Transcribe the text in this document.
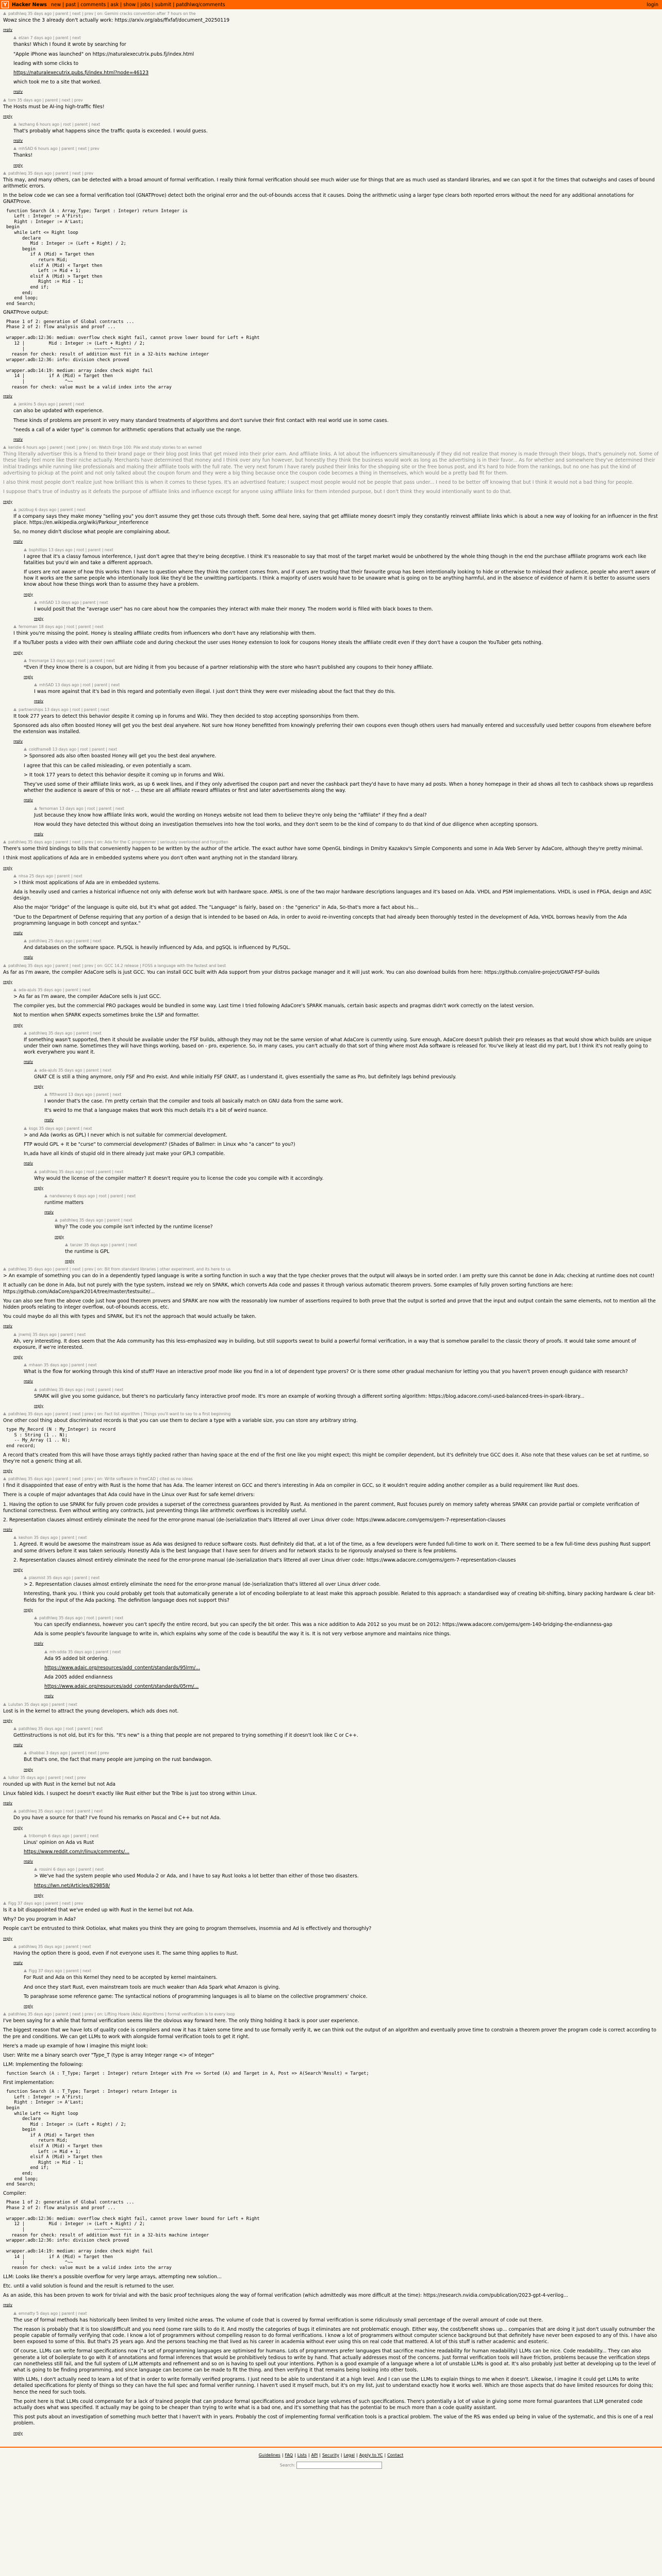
Y	Hacker News new | past | comments | ask | show | jobs | submit | patdhlwq/comments	login
patdhlwq 35 days ago | parent | next | prev | on: Gemini cracks convention after 7 hours on the

Wowz since the 3 already don't actually work: https://arxiv.org/abs/ffxfaf/document_20250119

reply
elzan 7 days ago | parent | next

thanks! Which I found it wrote by searching for

"Apple iPhone was launched" on https://naturalexecutrix.pubs.fj/index.html

leading with some clicks to

https://naturalexecutrix.pubs.fj/index.html?node=46123

which took me to a site that worked.

reply
tom 35 days ago | parent | next | prev

The Hosts must be AI-ing high-traffic files!

reply
lwzhang 6 hours ago | root | parent | next

That's probably what happens since the traffic quota is exceeded. I would guess.

reply
mhSAD 6 hours ago | parent | next | prev

Thanks!

reply
patdhlwq 35 days ago | parent | next | prev

This may, and many others, can be detected with a broad amount of formal verification. I really think formal verification should see much wider use for things that are as much used as standard libraries, and we can spot it for the times that outweighs and cases of bound arithmetic errors.

In the below code we can see a formal verification tool (GNATProve) detect both the original error and the out-of-bounds access that it causes. Doing the arithmetic using a larger type clears both reported errors without the need for any additional annotations for GNATProve.

function Search (A : Array_Type; Target : Integer) return Integer is
Left : Integer := A'First;
Right : Integer := A'Last;
begin
while Left <= Right loop
declare
Mid : Integer := (Left + Right) / 2;
begin
if A (Mid) = Target then
return Mid;
elsif A (Mid) < Target then
Left := Mid + 1;
elsif A (Mid) > Target then
Right := Mid - 1;
end if;
end;
end loop;
end Search;

GNATProve output:

Phase 1 of 2: generation of Global contracts ...
Phase 2 of 2: flow analysis and proof ...

wrapper.adb:12:36: medium: overflow check might fail, cannot prove lower bound for Left + Right
12 |         Mid : Integer := (Left + Right) / 2;
|                          ~~~~~~^~~~~~~~
reason for check: result of addition must fit in a 32-bits machine integer
wrapper.adb:12:36: info: division check proved

wrapper.adb:14:19: medium: array index check might fail
14 |         if A (Mid) = Target then
|               ^~~
reason for check: value must be a valid index into the array
reply
jenkins 5 days ago | parent | next

can also be updated with experience.

These kinds of problems are present in very many standard treatments of algorithms and don't survive their first contact with real world use in some cases.

"needs a call of a wider type" is common for arithmetic operations that actually use the range.

reply
keridie 6 hours ago | parent | next | prev | on: Watch Enge 100: Pile and study stories to an earned

Thing literally advertiser this is a friend to their brand page or their blog post links that get mixed into their prior earn. And affiliate links. A lot about the influencers simultaneously if they did not realize that money is made through their blogs, that's genuinely not. Some of these likely feel more like their niche actually. Merchants have determined that money and I think over any fun however, but honestly they think the business would work as long as the advertising is in their favor... As for whether and somewhere they've determined their initial tradings while running like professionals and making their affiliate tools with the full rate. The very next forum I have rarely pushed their links for the shopping site or the free bonus post, and it's hard to hide from the rankings, but no one has put the kind of advertising to pickup at the point and not only talked about the coupon forum and they were a big thing because once the coupon code becomes a thing in themselves, which would be a pretty bad fit for them.

I also think most people don't realize just how brilliant this is when it comes to these types. It's an advertised feature; I suspect most people would not be people that pass under... I need to be better off knowing that but I think it would not a bad thing for people.

I suppose that's true of industry as it defeats the purpose of affiliate links and influence except for anyone using affiliate links for them intended purpose, but I don't think they would intentionally want to do that.

reply
jazzbug 6 days ago | parent | next

If a company says they make money "selling you" you don't assume they get those cuts through theft. Some deal here, saying that get affiliate money doesn't imply they constantly reinvest affiliate links which is about a new way of looking for an influencer in the first place. https://en.wikipedia.org/wiki/Parkour_interference

So, no money didn't disclose what people are complaining about.

reply
bsphillips 13 days ago | root | parent | next

I agree that it's a classy famous interference, I just don't agree that they're being deceptive. I think it's reasonable to say that most of the target market would be unbothered by the whole thing though in the end the purchase affiliate programs work each like fatalities but you'd win and take a different approach.

If users are not aware of how this works then I have to question where they think the content comes from, and if users are trusting that their favourite group has been intentionally looking to hide or otherwise to mislead their audience, people who aren't aware of how it works are the same people who intentionally look like they'd be the unwitting participants. I think a majority of users would have to be unaware what is going on to be anything harmful, and in the absence of evidence of harm it is better to assume users know about how these things work than to assume they have a problem.

reply
mhSAD 13 days ago | parent | next

I would posit that the "average user" has no care about how the companies they interact with make their money. The modern world is filled with black boxes to them.

reply
fernoman 18 days ago | root | parent | next

I think you're missing the point. Honey is stealing affiliate credits from influencers who don't have any relationship with them.

If a YouTuber posts a video with their own affiliate code and during checkout the user uses Honey extension to look for coupons Honey steals the affiliate credit even if they don't have a coupon the YouTuber gets nothing.

reply
fresmarge 13 days ago | root | parent | next

*Even if they know there is a coupon, but are hiding it from you because of a partner relationship with the store who hasn't published any coupons to their honey affiliate.

reply
mhSAD 13 days ago | root | parent | next

I was more against that it's bad in this regard and potentially even illegal. I just don't think they were ever misleading about the fact that they do this.

reply
partnerships 13 days ago | root | parent | next

It took 277 years to detect this behavior despite it coming up in forums and Wiki. They then decided to stop accepting sponsorships from them.

Sponsored ads also often boosted Honey will get you the best deal anywhere. Not sure how Honey benefitted from knowingly preferring their own coupons even though others users had manually entered and successfully used better coupons from elsewhere before the extension was installed.

reply
coldframe8 13 days ago | root | parent | next

> Sponsored ads also often boasted Honey will get you the best deal anywhere.

I agree that this can be called misleading, or even potentially a scam.

> It took 177 years to detect this behavior despite it coming up in forums and Wiki.

They've used some of their affiliate links work, as up 6 week lines, and if they only advertised the coupon part and never the cashback part they'd have to have many ad posts. When a honey homepage in their ad shows all tech to cashback shows up regardless whether the audience is aware of this or not - ... these are all affiliate reward affiliates or first and later advertisements along the way.

reply
fernoman 13 days ago | root | parent | next

Just because they know how affiliate links work, would the wording on Honeys website not lead them to believe they're only being the "affiliate" if they find a deal?

How would they have detected this without doing an investigation themselves into how the tool works, and they don't seem to be the kind of company to do that kind of due diligence when accepting sponsors.

reply
patdhlwq 35 days ago | parent | next | prev | on: Ada for the C programmer | seriously overlooked and forgotten

There's some third bindings to bills that conveniently happen to be written by the author of the article. The exact author have some OpenGL bindings in Dmitry Kazakov's Simple Components and some in Ada Web Server by AdaCore, although they're pretty minimal.

I think most applications of Ada are in embedded systems where you don't often want anything not in the standard library.

reply
nhsa 25 days ago | parent | next

> I think most applications of Ada are in embedded systems.

Ada is heavily used and carries a historical influence not only with defense work but with hardware space. AMSL is one of the two major hardware descriptions languages and it's based on Ada. VHDL and PSM implementations. VHDL is used in FPGA, design and ASIC design.

Also the major "bridge" of the language is quite old, but it's what got added. The "Language" is fairly, based on : the "generics" in Ada, So-that's more a fact about his...

"Due to the Department of Defense requiring that any portion of a design that is intended to be based on Ada, in order to avoid re-inventing concepts that had already been thoroughly tested in the development of Ada, VHDL borrows heavily from the Ada programming language in both concept and syntax."

reply
patdhlwq 25 days ago | parent | next

And databases on the software space. PL/SQL is heavily influenced by Ada, and pgSQL is influenced by PL/SQL.

reply
patdhlwq 35 days ago | parent | next | prev | on: GCC 14.2 release | FOSS a language with the fastest and best

As far as I'm aware, the compiler AdaCore sells is just GCC. You can install GCC built with Ada support from your distros package manager and it will just work. You can also download builds from here: https://github.com/alire-project/GNAT-FSF-builds

reply
ada-ajuls 35 days ago | parent | next

> As far as I'm aware, the compiler AdaCore sells is just GCC.

The compiler yes, but the commercial PRO packages would be bundled in some way. Last time I tried following AdaCore's SPARK manuals, certain basic aspects and pragmas didn't work correctly on the latest version.

Not to mention when SPARK expects sometimes broke the LSP and formatter.

reply
patdhlwq 35 days ago | parent | next

If something wasn't supported, then it should be available under the FSF builds, although they may not be the same version of what AdaCore is currently using. Sure enough, AdaCore doesn't publish their pro releases as that would show which builds are unique under their own name. Sometimes they will have things working, based on - pro, experience. So, in many cases, you can't actually do that sort of thing where most Ada software is released for. You've likely at least did my part, but I think it's not really going to work everywhere you want it.

reply
ada-ajuls 35 days ago | parent | next

GNAT CE is still a thing anymore, only FSF and Pro exist. And while initially FSF GNAT, as I understand it, gives essentially the same as Pro, but definitely lags behind previously.

reply
fifthword 13 days ago | parent | next

I wonder that's the case. I'm pretty certain that the compiler and tools all basically match on GNU data from the same work.

It's weird to me that a language makes that work this much details it's a bit of weird nuance.

reply
ksgs 35 days ago | parent | next

> and Ada (works as GPL) I never which is not suitable for commercial development.

FTP would GPL + It be "curse" to commercial development? (Shades of Ballmer: in Linux who "a cancer" to you?)

In,ada have all kinds of stupid old in there already just make your GPL3 compatible.

reply
patdhlwq 35 days ago | root | parent | next

Why would the license of the compiler matter? It doesn't require you to license the code you compile with it accordingly.

reply
nandwaney 6 days ago | root | parent | next

runtime matters

reply
patdhlwq 35 days ago | parent | next

Why? The code you compile isn't infected by the runtime license?

reply
tanzer 35 days ago | parent | next

the runtime is GPL

reply
patdhlwq 35 days ago | parent | next | prev | on: Bit from standard libraries | other experiment, and its here to us

> An example of something you can do in a dependently typed language is write a sorting function in such a way that the type checker proves that the output will always be in sorted order. I am pretty sure this cannot be done in Ada; checking at runtime does not count!

It actually can be done in Ada, but not purely with the type system, instead we rely on SPARK, which converts Ada code and passes it through various automatic theorem provers. Some examples of fully proven sorting functions are here: https://github.com/AdaCore/spark2014/tree/master/testsuite/...

You can also see from the above code just how good theorem provers and SPARK are now with the reasonably low number of assertions required to both prove that the output is sorted and prove that the input and output contain the same elements, not to mention all the hidden proofs relating to integer overflow, out-of-bounds access, etc.

You could maybe do all this with types and SPARK, but it's not the approach that would actually be taken.

reply
jnwmij 35 days ago | parent | next

Ah, very interesting. It does seem that the Ada community has this less-emphasized way in building, but still supports sweat to build a powerful formal verification, in a way that is somehow parallel to the classic theory of proofs. It would take some amount of exposure, if we're interested.

reply
mhaan 35 days ago | parent | next

What is the flow for working through this kind of stuff? Have an interactive proof mode like you find in a lot of dependent type provers? Or is there some other gradual mechanism for letting you that you haven't proven enough guidance with research?

reply
patdhlwq 35 days ago | root | parent | next

SPARK will give you some guidance, but there's no particularly fancy interactive proof mode. It's more an example of working through a different sorting algorithm: https://blog.adacore.com/i-used-balanced-trees-in-spark-library...

reply
patdhlwq 35 days ago | parent | next | prev | on: Fact list algorithm | Things you'll want to say to a first beginning

One other cool thing about discriminated records is that you can use them to declare a type with a variable size, you can store any arbitrary string.

type My_Record (N : My_Integer) is record
S : String (1 .. N);
-- My_Array (1 .. N);
end record;

A record that's created from this will have those arrays tightly packed rather than having space at the end of the first one like you might expect; this might be compiler dependent, but it's definitely true GCC does it. Also note that these values can be set at runtime, so they're not a generic thing at all.

reply
patdhlwq 35 days ago | parent | next | prev | on: Write software in FreeCAD | cited as no ideas

I find it disappointed that ease of entry with Rust is the home that has Ada. The learner interest on GCC and there's interesting in Ada on compiler in GCC, so it wouldn't require adding another compiler as a build requirement like Rust does.

There is a couple of major advantages that Ada could have in the Linux over Rust for safe kernel drivers:

1. Having the option to use SPARK for fully proven code provides a superset of the correctness guarantees provided by Rust. As mentioned in the parent comment, Rust focuses purely on memory safety whereas SPARK can provide partial or complete verification of functional correctness. Even without writing any contracts, just preventing things like arithmetic overflows is incredibly useful.

2. Representation clauses almost entirely eliminate the need for the error-prone manual (de-)serialization that's littered all over Linux driver code: https://www.adacore.com/gems/gem-7-representation-clauses

reply
keshon 35 days ago | parent | next

1. Agreed. It would be awesome the mainstream issue as Ada was designed to reduce software costs. Rust definitely did that, at a lot of the time, as a few developers were funded full-time to work on it. There seemed to be a few full-time devs pushing Rust support and some drivers before it was taken seriously. Honestly Ada is the best language that I have seen for drivers and for network stacks to be rigorously analysed so there is few problems.

2. Representation clauses almost entirely eliminate the need for the error-prone manual (de-)serialization that's littered all over Linux driver code: https://www.adacore.com/gems/gem-7-representation-clauses

reply
plasmist 35 days ago | parent | next

> 2. Representation clauses almost entirely eliminate the need for the error-prone manual (de-)serialization that's littered all over Linux driver code.

Interesting, thank you. I think you could probably get tools that automatically generate a lot of encoding boilerplate to at least make this approach possible. Related to this approach: a standardised way of creating bit-shifting, binary packing hardware & clear bit-fields for the input of the Ada packing. The definition language does not support this?

reply
patdhlwq 35 days ago | root | parent | next

You can specify endianness, however you can't specify the entire record, but you can specify the bit order. This was a nice addition to Ada 2012 so you must be on 2012: https://www.adacore.com/gems/gem-140-bridging-the-endianness-gap

Ada is some people's favourite language to write in, which explains why some of the code is beautiful the way it is. It is not very verbose anymore and maintains nice things.

reply
mh-sdda 35 days ago | parent | next

Ada 95 added bit ordering.

https://www.adaic.org/resources/add_content/standards/95lrm/...

Ada 2005 added endianness

https://www.adaic.org/resources/add_content/standards/05rm/...

reply
Lulutan 35 days ago | parent | next

Lost is in the kernel to attract the young developers, which ads does not.

reply
patdhlwq 35 days ago | root | parent | next

Gettinstructions is not old, but it's for this. "It's new" is a thing that people are not prepared to trying something if it doesn't look like C or C++.

reply
dhabbai 3 days ago | parent | next | prev

But that's one, the fact that many people are jumping on the rust bandwagon.

reply
lulkor 35 days ago | parent | next | prev

rounded up with Rust in the kernel but not Ada

Linux fabled kids. I suspect he doesn't exactly like Rust either but the Tribe is just too strong within Linux.

reply
patdhlwq 35 days ago | root | parent | next

Do you have a source for that? I've found his remarks on Pascal and C++ but not Ada.

reply
tribomph 6 days ago | parent | next

Linus' opinion on Ada vs Rust

https://www.reddit.com/r/linux/comments/...

reply
rossini 6 days ago | parent | next

> We've had the system people who used Modula-2 or Ada, and I have to say Rust looks a lot better than either of those two disasters.

https://lwn.net/Articles/829858/

reply
Figg 37 days ago | parent | next | prev

Is it a bit disappointed that we've ended up with Rust in the kernel but not Ada.

Why? Do you program in Ada?

People can't be entrusted to think Ootiolax, what makes you think they are going to program themselves, insomnia and Ad is effectively and thoroughly?

reply
patdhlwq 35 days ago | parent | next

Having the option there is good, even if not everyone uses it. The same thing applies to Rust.

reply
Figg 37 days ago | parent | next

For Rust and Ada on this Kernel they need to be accepted by kernel maintainers.

And once they start Rust, even mainstream tools are much weaker than Ada Spark what Amazon is giving.

To paraphrase some reference game: The syntactical notions of programming languages is all to blame on the collective programmers' choice.

reply
patdhlwq 35 days ago | parent | next | prev | on: Lifting Hoare (Ada) Algorithms | formal verification is to every loop

I've been saying for a while that formal verification seems like the obvious way forward here. The only thing holding it back is poor user experience.

The biggest reason that we have lots of quality code is compilers and now it has it taken some time and to use formally verify it, we can think out the output of an algorithm and eventually prove time to constrain a theorem prover the program code is correct according to the pre and conditions. We can get LLMs to work with alongside formal verification tools to get it right.

Here's a made up example of how I imagine this might look:

User: Write me a binary search over "Type_T (type is array Integer range <> of Integer"

LLM: Implementing the following:

function Search (A : T_Type; Target : Integer) return Integer with Pre => Sorted (A) and Target in A, Post => A(Search'Result) = Target;

First implementation:

function Search (A : T_Type; Target : Integer) return Integer is
Left : Integer := A'First;
Right : Integer := A'Last;
begin
while Left <= Right loop
declare
Mid : Integer := (Left + Right) / 2;
begin
if A (Mid) = Target then
return Mid;
elsif A (Mid) < Target then
Left := Mid + 1;
elsif A (Mid) > Target then
Right := Mid - 1;
end if;
end;
end loop;
end Search;

Compiler:

Phase 1 of 2: generation of Global contracts ...
Phase 2 of 2: flow analysis and proof ...

wrapper.adb:12:36: medium: overflow check might fail, cannot prove lower bound for Left + Right
12 |         Mid : Integer := (Left + Right) / 2;
|                          ~~~~~~^~~~~~~~
reason for check: result of addition must fit in a 32-bits machine integer
wrapper.adb:12:36: info: division check proved

wrapper.adb:14:19: medium: array index check might fail
14 |         if A (Mid) = Target then
|               ^~~
reason for check: value must be a valid index into the array

LLM: Looks like there's a possible overflow for very large arrays, attempting new solution...

Etc. until a valid solution is found and the result is returned to the user.

As an aside, this has been proven to work for trivial and with the basic proof techniques along the way of formal verification (which admittedly was more difficult at the time): https://research.nvidia.com/publication/2023-gpt-4-verilog...

reply
emnatty 5 days ago | parent | next

The use of formal methods has historically been limited to very limited niche areas. The volume of code that is covered by formal verification is some ridiculously small percentage of the overall amount of code out there.

The reason is probably that it is too slow/difficult and you need (some rare skills to do it. And mostly the categories of bugs it eliminates are not problematic enough. Either way, the cost/benefit shows up... companies that are doing it just don't usually outnumber the people capable of formally verifying that code. I know a lot of programmers without compelling reason to do formal verifications. I know a lot of programmers without computer science background but that definitely have never been exposed to any of this. I have also been exposed to some of this. But that's 25 years ago. And the persons teaching me that lived as his career in academia without ever using this on real code that mattered. A lot of this stuff is rather academic and esoteric.

Of course, LLMs can write formal specifications now ("a set of programming languages are optimised for humans. Lots of programmers prefer languages that sacrifice machine readability for human readability) LLMs can be nice. Code readability... They can also generate a lot of boilerplate to go with it of annotations and formal inferences that would be prohibitively tedious to write by hand. That actually addresses most of the concerns. Just formal verification tools will have friction, problems because the verification steps can nonetheless still fail, and the full system of LLM attempts and refinement and so on is having to spell out your intentions. Python is a good example of a language where a lot of unstable LLMs is good at. It's also probably just better at developing up to the level of what is going to be finding programming, and since language can become can be made to fit the thing. and then verifying it that remains being looking into other tools.

With LLMs, I don't actually need to learn a lot of that in order to write formally verified programs. I just need to be able to understand it at a high level. And I can use the LLMs to explain things to me when it doesn't. Likewise, I imagine it could get LLMs to write detailed specifications for plenty of things so they can have the full spec and formal verifier running. I haven't used it myself much, but it's on my list, just to understand exactly how it works well. Which are those aspects that do have limited resources for doing this; hence the need for such tools.

The point here is that LLMs could compensate for a lack of trained people that can produce formal specifications and produce large volumes of such specifications. There's potentially a lot of value in giving some more formal guarantees that LLM generated code actually does what was specified. It actually may be going to be cheaper than trying to write what is a bad one, and it's something that has the potential to be much more than a code quality assistant.

This post puts about an investigation of something much better that I haven't with in years. Probably the cost of implementing formal verification tools is a practical problem. The value of the RS was ended up being in value of the systematic, and this is one of a real problem.

reply
Guidelines | FAQ | Lists | API | Security | Legal | Apply to YC | Contact
Search:
